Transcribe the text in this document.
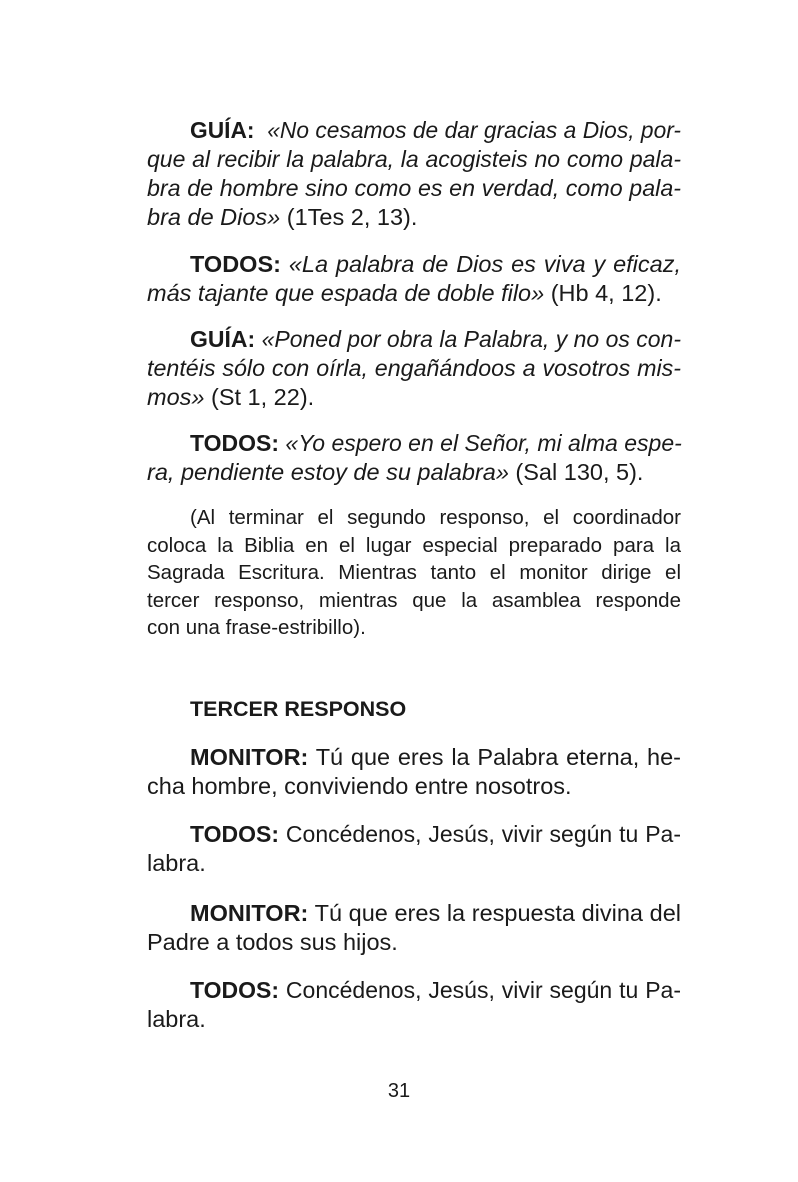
GUÍA: «No cesamos de dar gracias a Dios, por-
que al recibir la palabra, la acogisteis no como pala-
bra de hombre sino como es en verdad, como pala-
bra de Dios» (1Tes 2, 13).
TODOS: «La palabra de Dios es viva y eficaz,
más tajante que espada de doble filo» (Hb 4, 12).
GUÍA: «Poned por obra la Palabra, y no os con-
tentéis sólo con oírla, engañándoos a vosotros mis-
mos» (St 1, 22).
TODOS: «Yo espero en el Señor, mi alma espe-
ra, pendiente estoy de su palabra» (Sal 130, 5).
(Al terminar el segundo responso, el coordinador
coloca la Biblia en el lugar especial preparado para la
Sagrada Escritura. Mientras tanto el monitor dirige el
tercer responso, mientras que la asamblea responde
con una frase-estribillo).
TERCER RESPONSO
MONITOR: Tú que eres la Palabra eterna, he-
cha hombre, conviviendo entre nosotros.
TODOS: Concédenos, Jesús, vivir según tu Pa-
labra.
MONITOR: Tú que eres la respuesta divina del
Padre a todos sus hijos.
TODOS: Concédenos, Jesús, vivir según tu Pa-
labra.
31
